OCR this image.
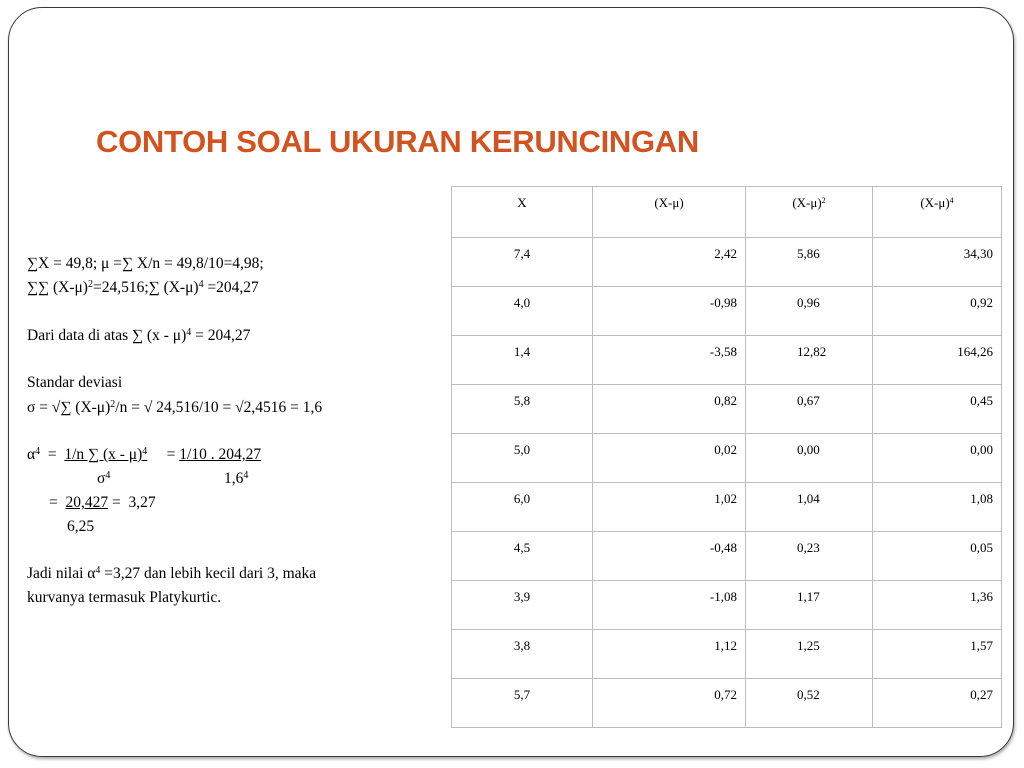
CONTOH SOAL UKURAN KERUNCINGAN
∑X = 49,8; μ =∑ X/n = 49,8/10=4,98;
∑∑ $(X-\mu)^2=24,516;\sum$ $(X-\mu)^4 =204,27$
Dari data di atas ∑ (x - μ)$^4$ = 204,27
Standar deviasi
σ = √∑ $(X-\mu)^2/n$ = √ 24,516/10 = √2,4516 = 1,6
$\alpha^4 = 1/n$ ∑ (x - μ)$^4$     = 1/10 . 204,27
$\sigma^4$	$1,6^4$
=  20,427 =  3,27
6,25
Jadi nilai $\alpha^4 =3,27$ dan lebih kecil dari 3, maka
kurvanya termasuk Platykurtic.
X	(X-μ)	$(X-\mu)^2$	$(X-\mu)^4$
7,4	2,42	5,86	34,30
4,0	-0,98	0,96	0,92
1,4	-3,58	12,82	164,26
5,8	0,82	0,67	0,45
5,0	0,02	0,00	0,00
6,0	1,02	1,04	1,08
4,5	-0,48	0,23	0,05
3,9	-1,08	1,17	1,36
3,8	1,12	1,25	1,57
5,7	0,72	0,52	0,27
